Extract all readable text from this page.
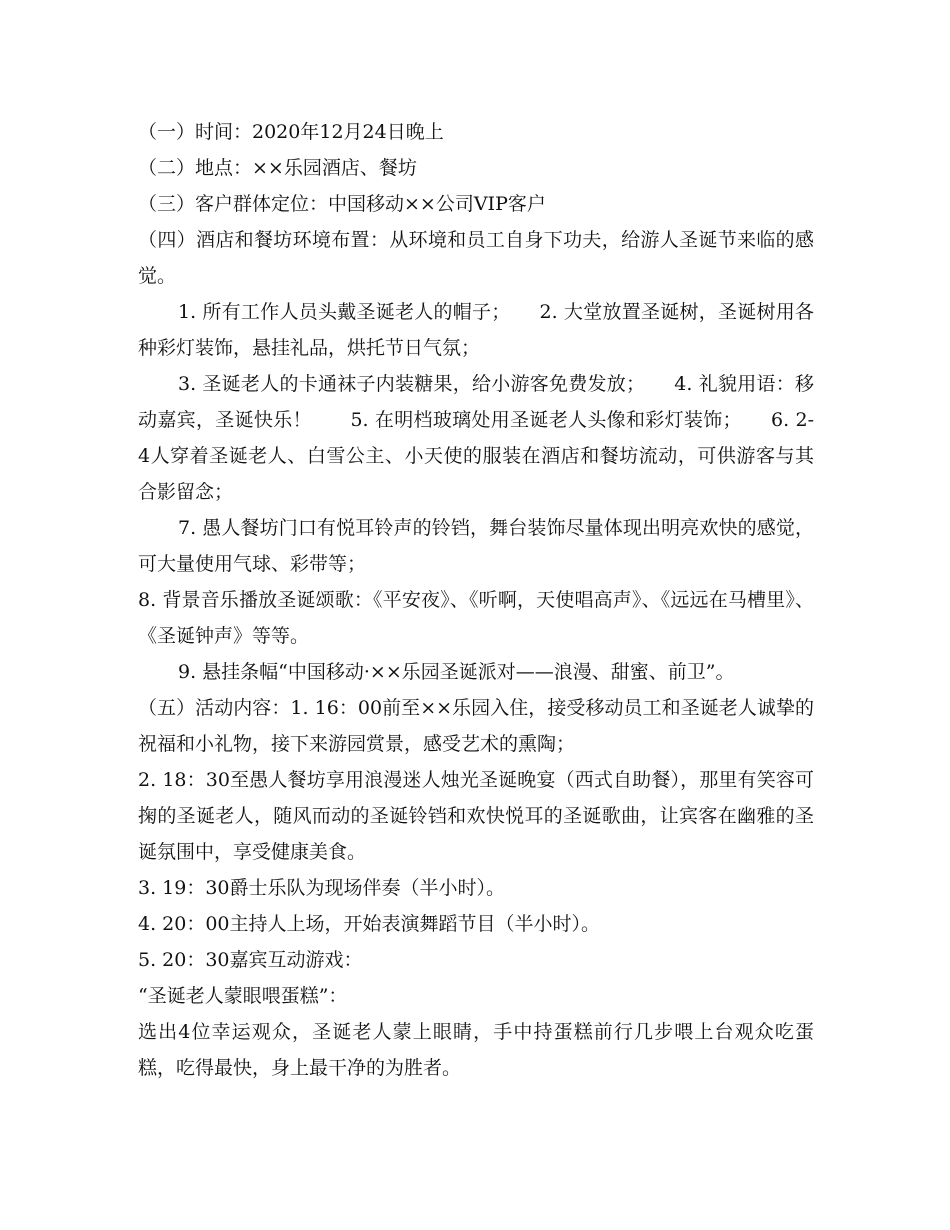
（一）时间：2020年12月24日晚上

（二）地点：××乐园酒店、餐坊

（三）客户群体定位：中国移动××公司VIP客户

（四）酒店和餐坊环境布置：从环境和员工自身下功夫，给游人圣诞节来临的感觉。

1. 所有工作人员头戴圣诞老人的帽子；　　2. 大堂放置圣诞树，圣诞树用各种彩灯装饰，悬挂礼品，烘托节日气氛；

3. 圣诞老人的卡通袜子内装糖果，给小游客免费发放；　　4. 礼貌用语：移动嘉宾，圣诞快乐！　　5. 在明档玻璃处用圣诞老人头像和彩灯装饰；　　6. 2-4人穿着圣诞老人、白雪公主、小天使的服装在酒店和餐坊流动，可供游客与其合影留念；

7. 愚人餐坊门口有悦耳铃声的铃铛，舞台装饰尽量体现出明亮欢快的感觉，可大量使用气球、彩带等；

8. 背景音乐播放圣诞颂歌：《平安夜》、《听啊，天使唱高声》、《远远在马槽里》、《圣诞钟声》等等。

9. 悬挂条幅“中国移动·××乐园圣诞派对——浪漫、甜蜜、前卫”。

（五）活动内容：1. 16：00前至××乐园入住，接受移动员工和圣诞老人诚挚的祝福和小礼物，接下来游园赏景，感受艺术的熏陶；

2. 18：30至愚人餐坊享用浪漫迷人烛光圣诞晚宴（西式自助餐），那里有笑容可掬的圣诞老人，随风而动的圣诞铃铛和欢快悦耳的圣诞歌曲，让宾客在幽雅的圣诞氛围中，享受健康美食。

3. 19：30爵士乐队为现场伴奏（半小时）。

4. 20：00主持人上场，开始表演舞蹈节目（半小时）。

5. 20：30嘉宾互动游戏：

“圣诞老人蒙眼喂蛋糕”：

选出4位幸运观众，圣诞老人蒙上眼睛，手中持蛋糕前行几步喂上台观众吃蛋糕，吃得最快，身上最干净的为胜者。
